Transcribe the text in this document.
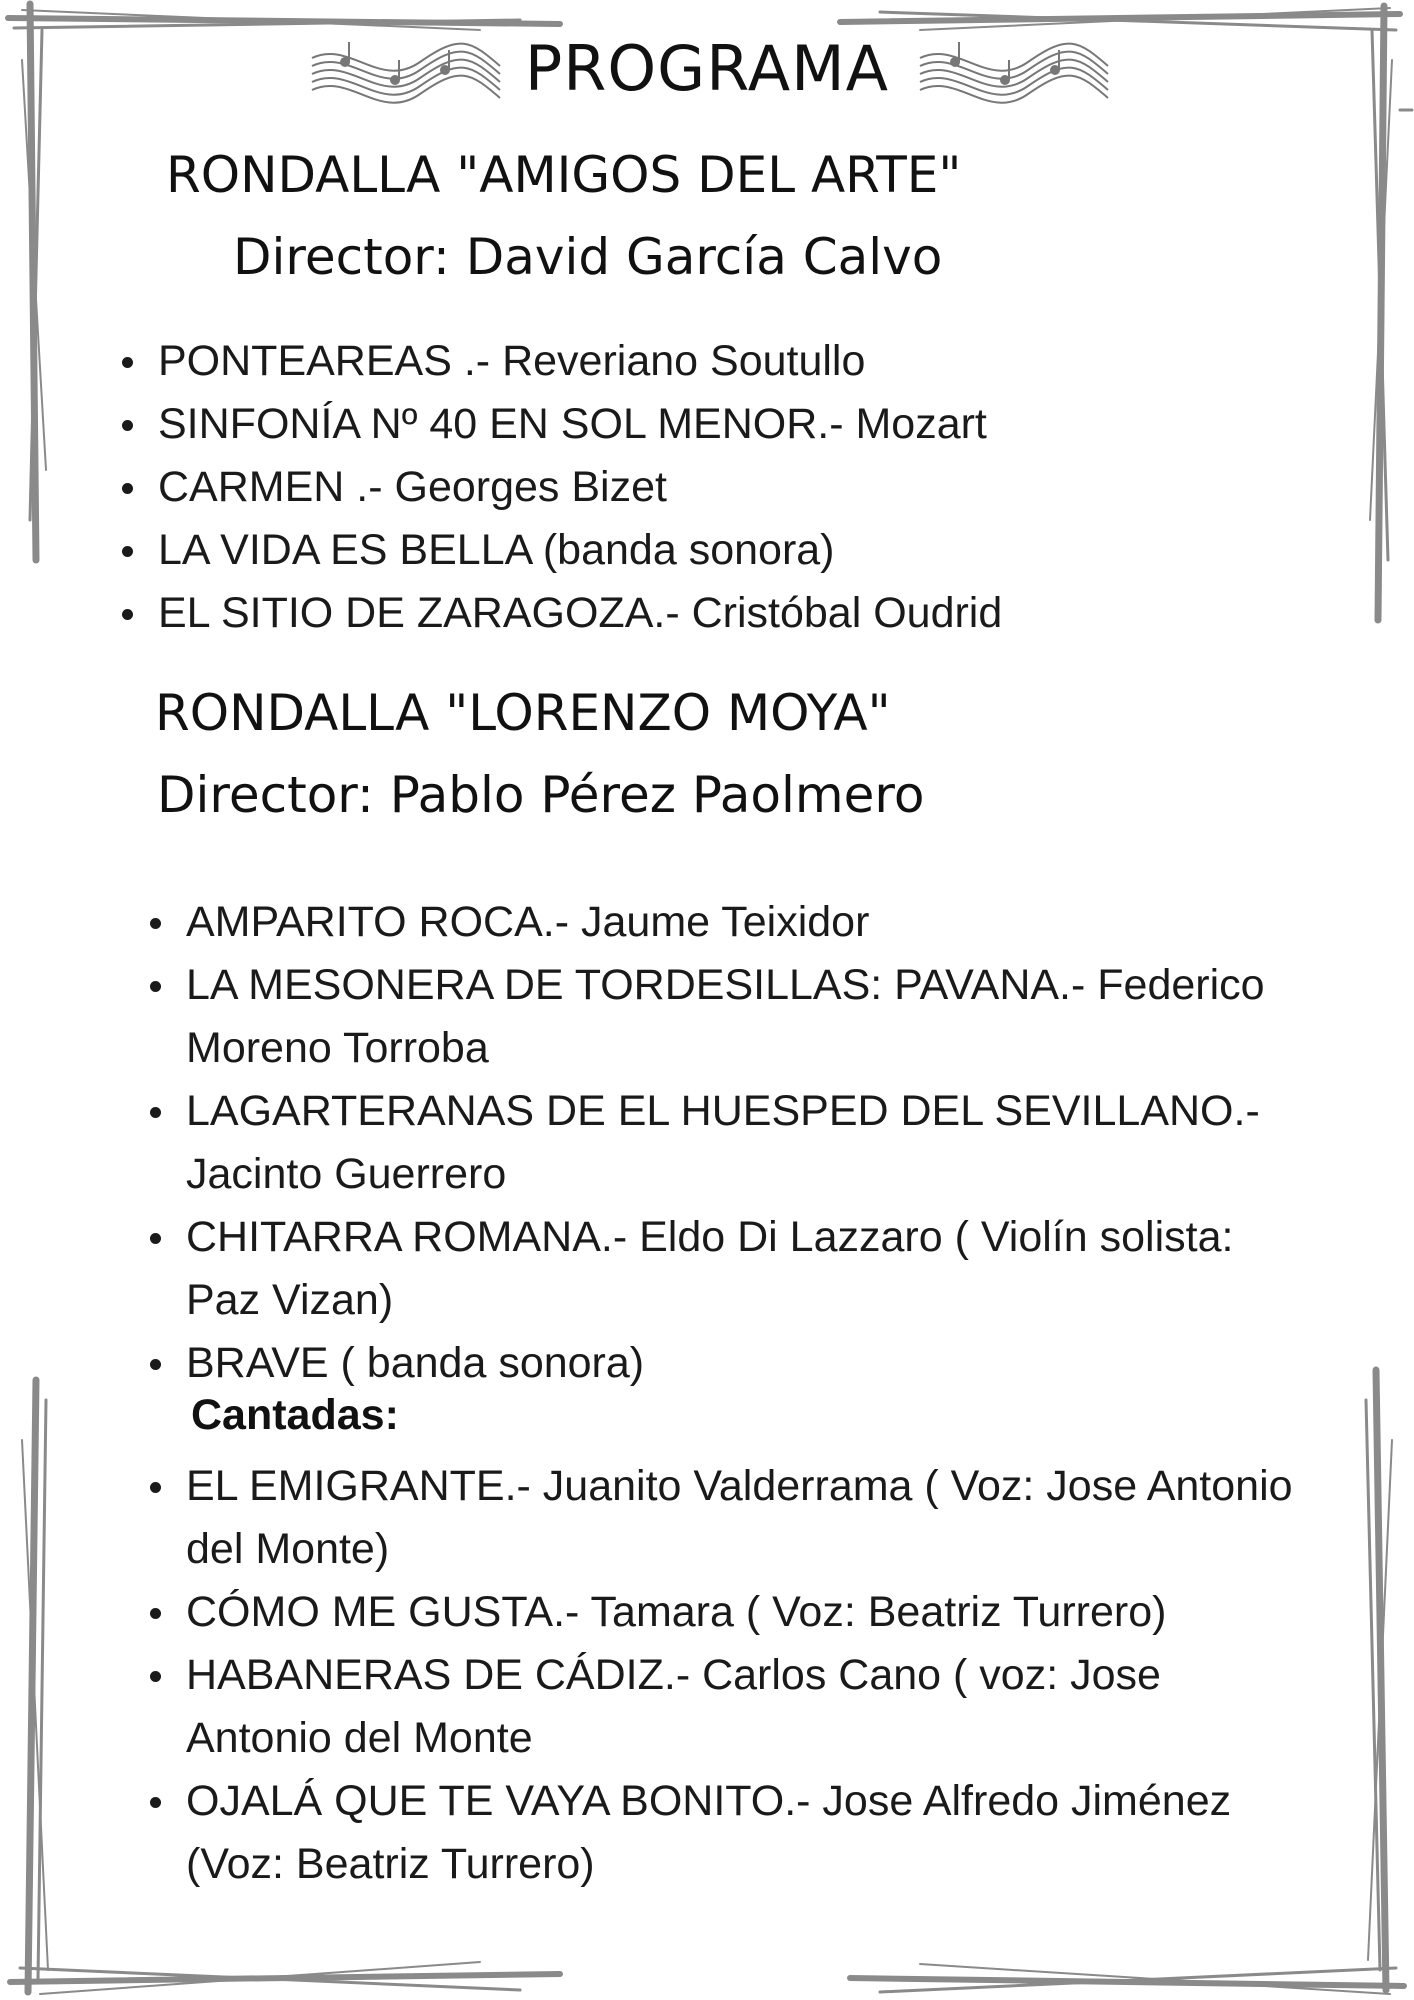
PROGRAMA
RONDALLA "AMIGOS DEL ARTE"
Director: David García Calvo
PONTEAREAS .- Reveriano Soutullo
SINFONÍA Nº 40 EN SOL MENOR.- Mozart
CARMEN .- Georges Bizet
LA VIDA ES BELLA (banda sonora)
EL SITIO DE ZARAGOZA.- Cristóbal Oudrid
RONDALLA "LORENZO MOYA"
Director: Pablo Pérez Paolmero
AMPARITO ROCA.- Jaume Teixidor
LA MESONERA DE TORDESILLAS: PAVANA.- Federico Moreno Torroba
LAGARTERANAS DE EL HUESPED DEL SEVILLANO.- Jacinto Guerrero
CHITARRA ROMANA.- Eldo Di Lazzaro ( Violín solista: Paz Vizan)
BRAVE ( banda sonora)
Cantadas:
EL EMIGRANTE.- Juanito Valderrama ( Voz: Jose Antonio del Monte)
CÓMO ME GUSTA.- Tamara ( Voz: Beatriz Turrero)
HABANERAS DE CÁDIZ.- Carlos Cano ( voz: Jose Antonio del Monte
OJALÁ QUE TE VAYA BONITO.- Jose Alfredo Jiménez (Voz: Beatriz Turrero)
